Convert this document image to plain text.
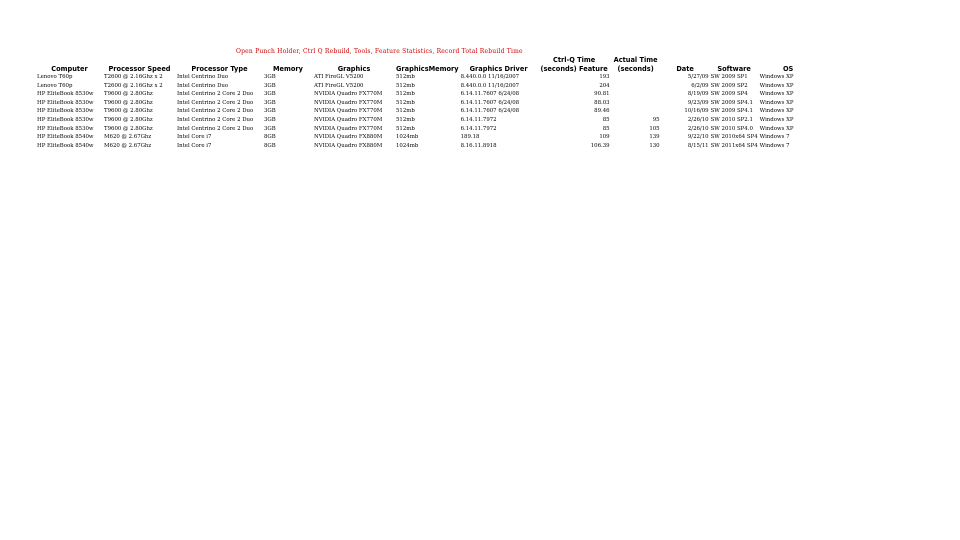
Open Punch Holder, Ctrl Q Rebuild, Tools, Feature Statistics, Record Total Rebuild Time
Computer	Processor Speed	Processor Type	Memory	Graphics	GraphicsMemory	Graphics Driver	Ctrl-Q Time
(seconds) Feature	Actual Time
(seconds)	Date	Software	OS
Lenovo T60p	T2600 @ 2.16Ghz x 2	Intel Centrino Duo	3GB	ATI FireGL V5200	512mb	8.440.0.0 11/16/2007	193		5/27/09	SW 2009 SP1	Windows XP
Lenovo T60p	T2600 @ 2.16Ghz x 2	Intel Centrino Duo	3GB	ATI FireGL V5200	512mb	8.440.0.0 11/16/2007	204		6/2/09	SW 2009 SP2	Windows XP
HP EliteBook 8530w	T9600 @ 2.80Ghz	Intel Centrino 2 Core 2 Duo	3GB	NVIDIA Quadro FX770M	512mb	6.14.11.7607 6/24/08	90.81		8/19/09	SW 2009 SP4	Windows XP
HP EliteBook 8530w	T9600 @ 2.80Ghz	Intel Centrino 2 Core 2 Duo	3GB	NVIDIA Quadro FX770M	512mb	6.14.11.7607 6/24/08	88.03		9/23/09	SW 2009 SP4.1	Windows XP
HP EliteBook 8530w	T9600 @ 2.80Ghz	Intel Centrino 2 Core 2 Duo	3GB	NVIDIA Quadro FX770M	512mb	6.14.11.7607 6/24/08	89.46		10/16/09	SW 2009 SP4.1	Windows XP
HP EliteBook 8530w	T9600 @ 2.80Ghz	Intel Centrino 2 Core 2 Duo	3GB	NVIDIA Quadro FX770M	512mb	6.14.11.7972	85	95	2/26/10	SW 2010 SP2.1	Windows XP
HP EliteBook 8530w	T9600 @ 2.80Ghz	Intel Centrino 2 Core 2 Duo	3GB	NVIDIA Quadro FX770M	512mb	6.14.11.7972	85	105	2/26/10	SW 2010 SP4.0	Windows XP
HP EliteBook 8540w	M620 @ 2.67Ghz	Intel Core i7	8GB	NVIDIA Quadro FX880M	1024mb	189.18	109	139	9/22/10	SW 2010x64 SP4	Windows 7
HP EliteBook 8540w	M620 @ 2.67Ghz	Intel Core i7	8GB	NVIDIA Quadro FX880M	1024mb	8.16.11.8918	106.39	130	8/15/11	SW 2011x64 SP4	Windows 7
